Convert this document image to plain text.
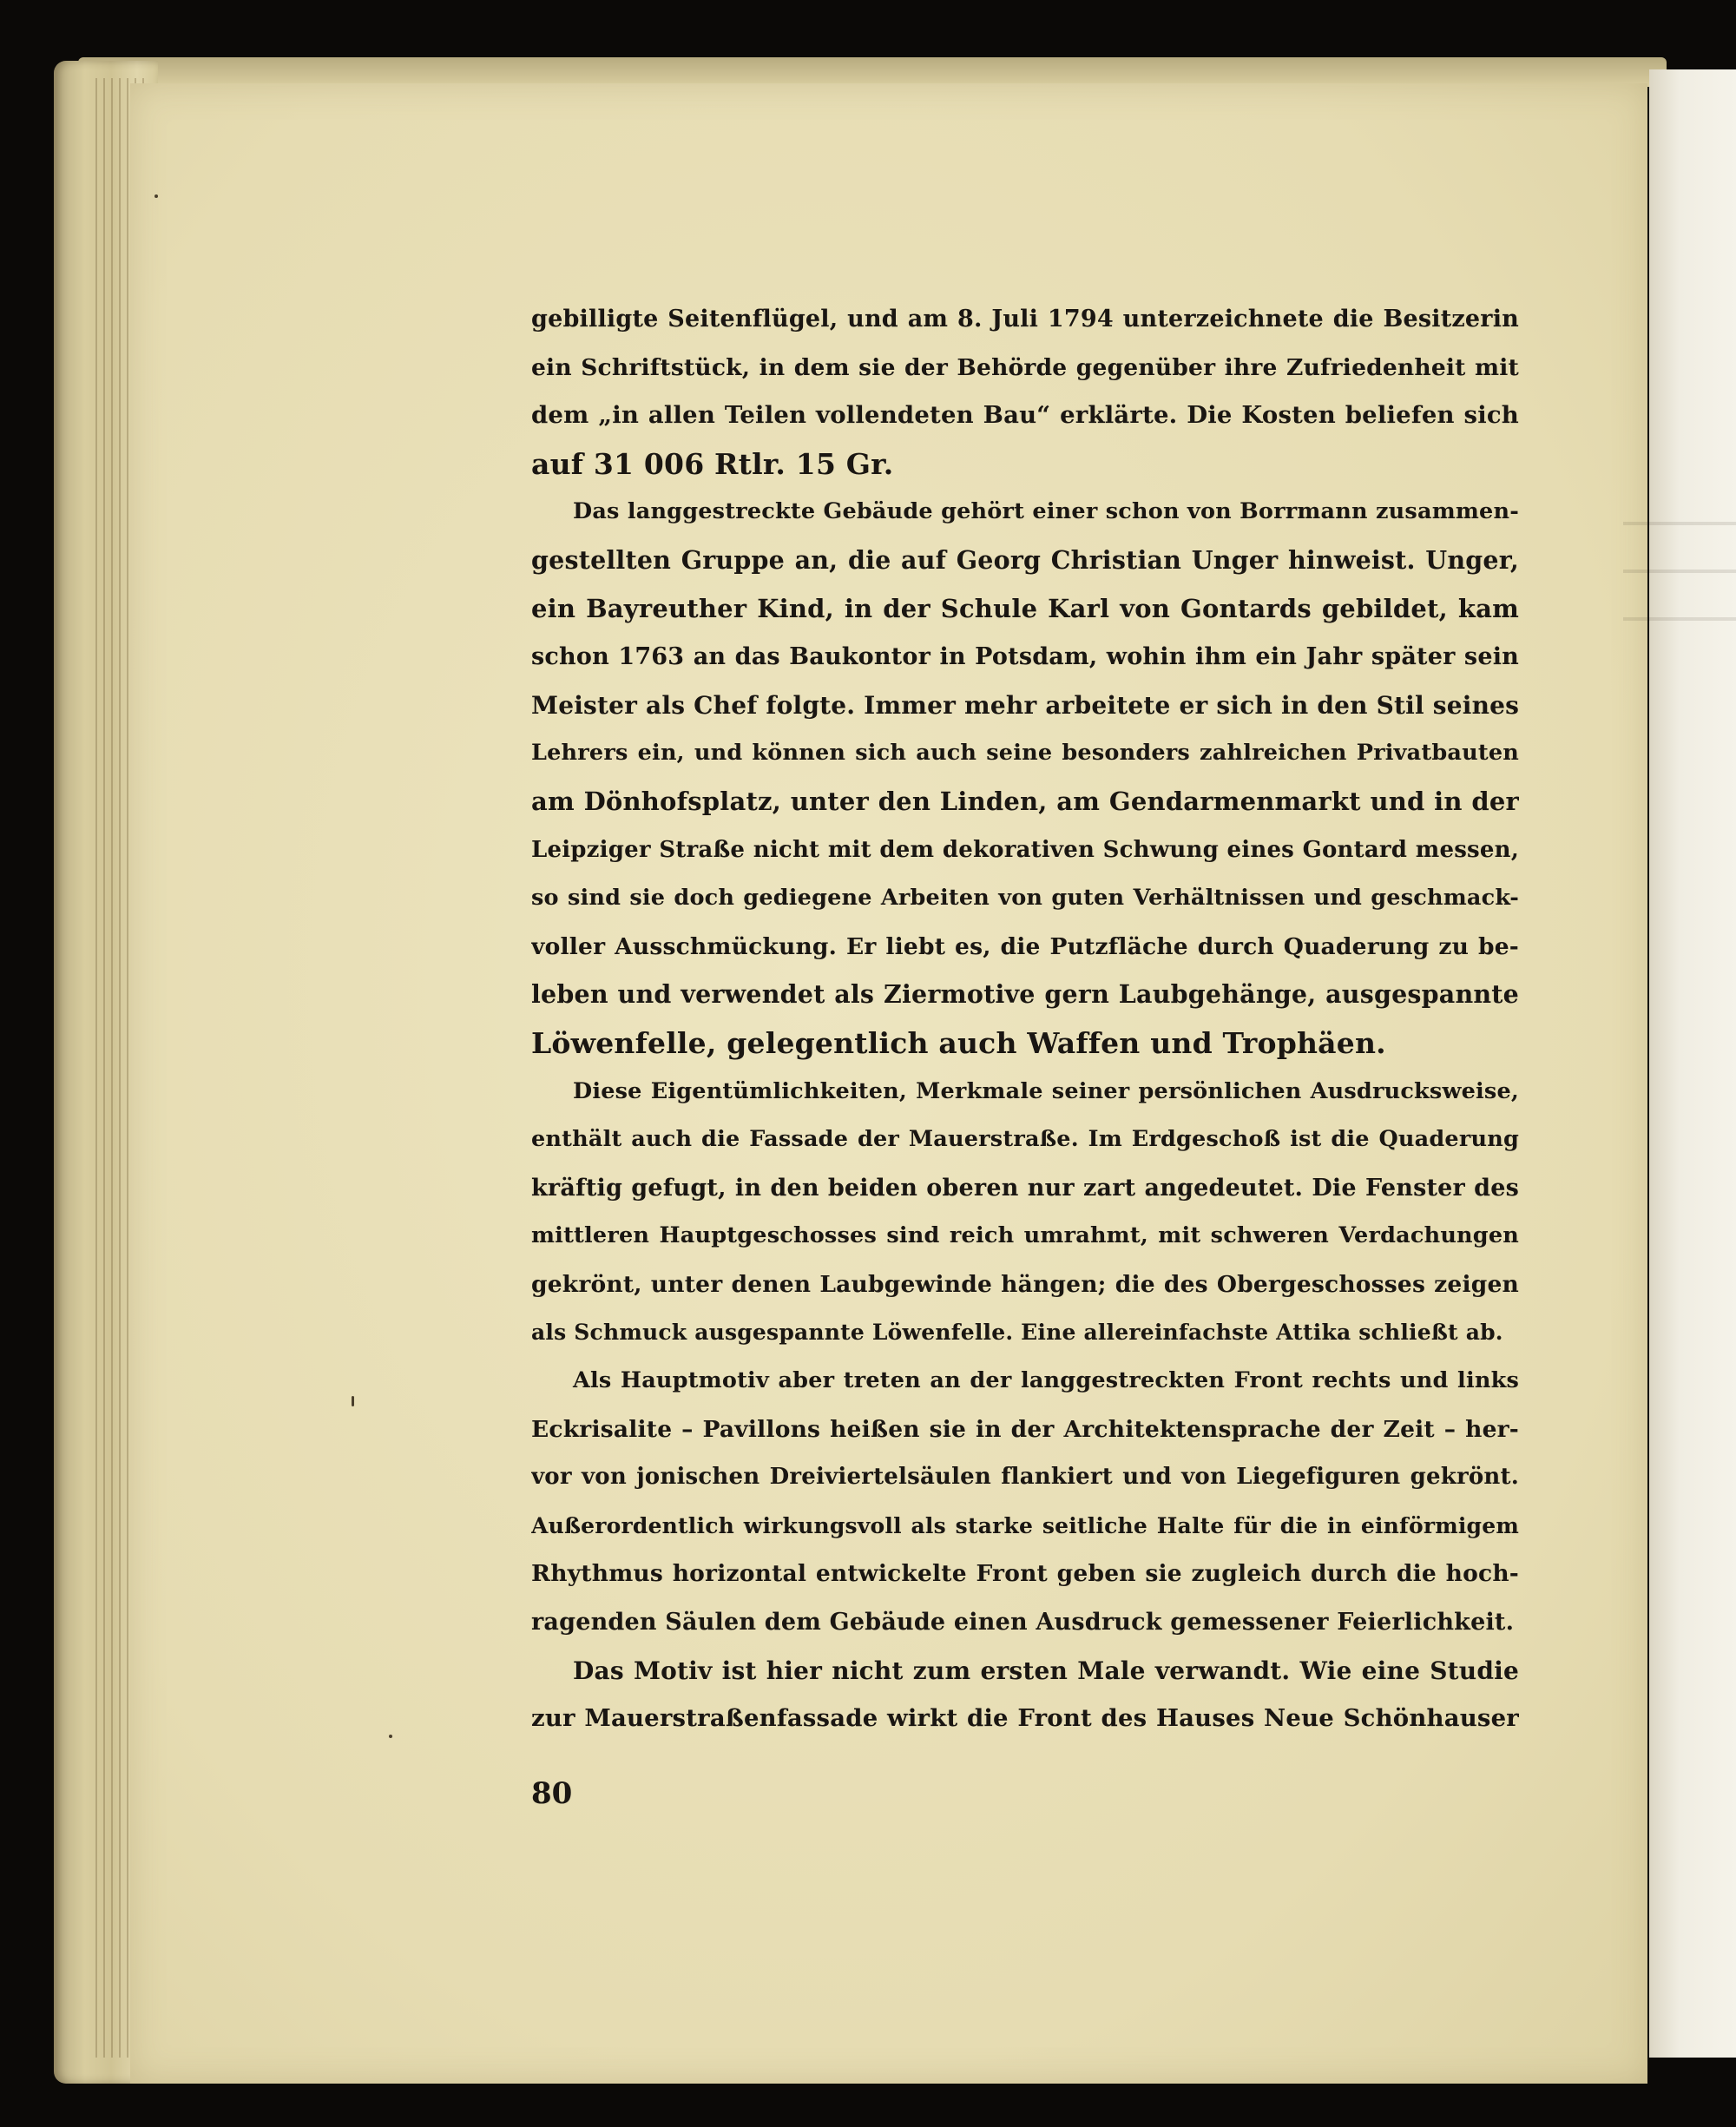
gebilligte Seitenflügel, und am 8. Juli 1794 unterzeichnete die Besitzerin
ein Schriftstück, in dem sie der Behörde gegenüber ihre Zufriedenheit mit
dem „in allen Teilen vollendeten Bau“ erklärte. Die Kosten beliefen sich
auf 31 006 Rtlr. 15 Gr.
Das langgestreckte Gebäude gehört einer schon von Borrmann zusammen-
gestellten Gruppe an, die auf Georg Christian Unger hinweist. Unger,
ein Bayreuther Kind, in der Schule Karl von Gontards gebildet, kam
schon 1763 an das Baukontor in Potsdam, wohin ihm ein Jahr später sein
Meister als Chef folgte. Immer mehr arbeitete er sich in den Stil seines
Lehrers ein, und können sich auch seine besonders zahlreichen Privatbauten
am Dönhofsplatz, unter den Linden, am Gendarmenmarkt und in der
Leipziger Straße nicht mit dem dekorativen Schwung eines Gontard messen,
so sind sie doch gediegene Arbeiten von guten Verhältnissen und geschmack-
voller Ausschmückung. Er liebt es, die Putzfläche durch Quaderung zu be-
leben und verwendet als Ziermotive gern Laubgehänge, ausgespannte
Löwenfelle, gelegentlich auch Waffen und Trophäen.
Diese Eigentümlichkeiten, Merkmale seiner persönlichen Ausdrucksweise,
enthält auch die Fassade der Mauerstraße. Im Erdgeschoß ist die Quaderung
kräftig gefugt, in den beiden oberen nur zart angedeutet. Die Fenster des
mittleren Hauptgeschosses sind reich umrahmt, mit schweren Verdachungen
gekrönt, unter denen Laubgewinde hängen; die des Obergeschosses zeigen
als Schmuck ausgespannte Löwenfelle. Eine allereinfachste Attika schließt ab.
Als Hauptmotiv aber treten an der langgestreckten Front rechts und links
Eckrisalite – Pavillons heißen sie in der Architektensprache der Zeit – her-
vor von jonischen Dreiviertelsäulen flankiert und von Liegefiguren gekrönt.
Außerordentlich wirkungsvoll als starke seitliche Halte für die in einförmigem
Rhythmus horizontal entwickelte Front geben sie zugleich durch die hoch-
ragenden Säulen dem Gebäude einen Ausdruck gemessener Feierlichkeit.
Das Motiv ist hier nicht zum ersten Male verwandt. Wie eine Studie
zur Mauerstraßenfassade wirkt die Front des Hauses Neue Schönhauser
80
